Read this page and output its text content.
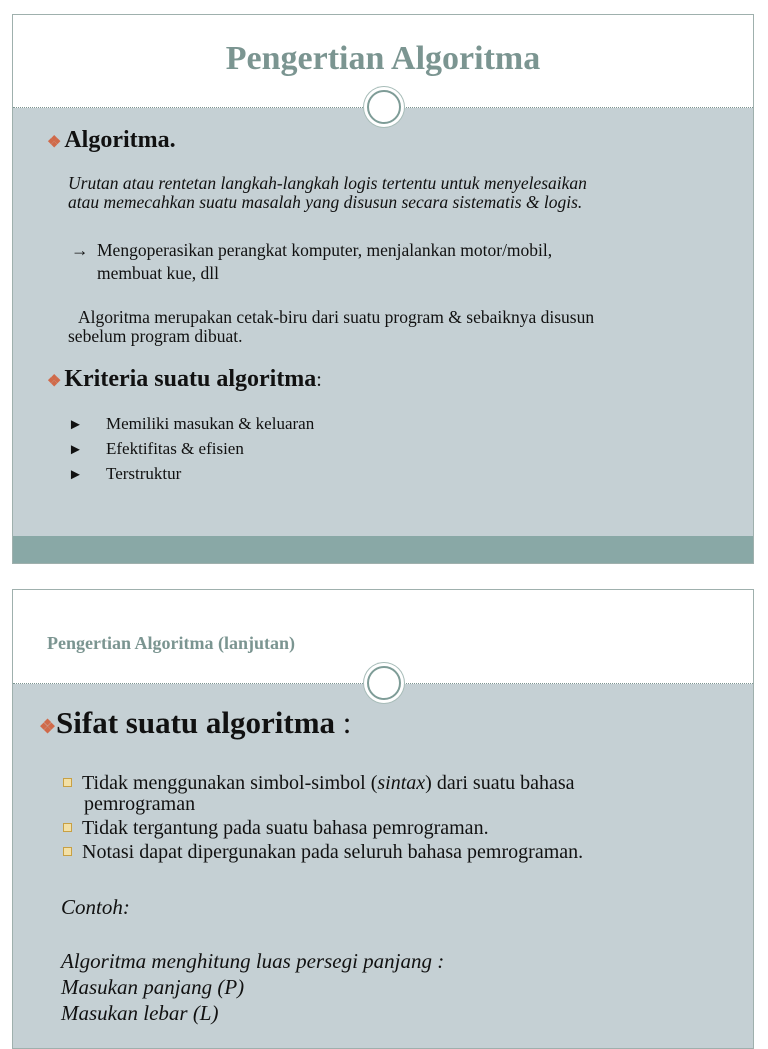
Pengertian Algoritma
❖ Algoritma.
Urutan atau rentetan langkah-langkah logis tertentu untuk menyelesaikan
atau memecahkan suatu masalah yang disusun secara sistematis & logis.
→ Mengoperasikan perangkat komputer, menjalankan motor/mobil,
membuat kue, dll
Algoritma merupakan cetak-biru dari suatu program & sebaiknya disusun
sebelum program dibuat.
❖ Kriteria suatu algoritma:
► Memiliki masukan & keluaran
► Efektifitas & efisien
► Terstruktur
Pengertian Algoritma (lanjutan)
❖Sifat suatu algoritma :
Tidak menggunakan simbol-simbol (sintax) dari suatu bahasa
pemrograman
Tidak tergantung pada suatu bahasa pemrograman.
Notasi dapat dipergunakan pada seluruh bahasa pemrograman.
Contoh:
Algoritma menghitung luas persegi panjang :
Masukan panjang (P)
Masukan lebar (L)
